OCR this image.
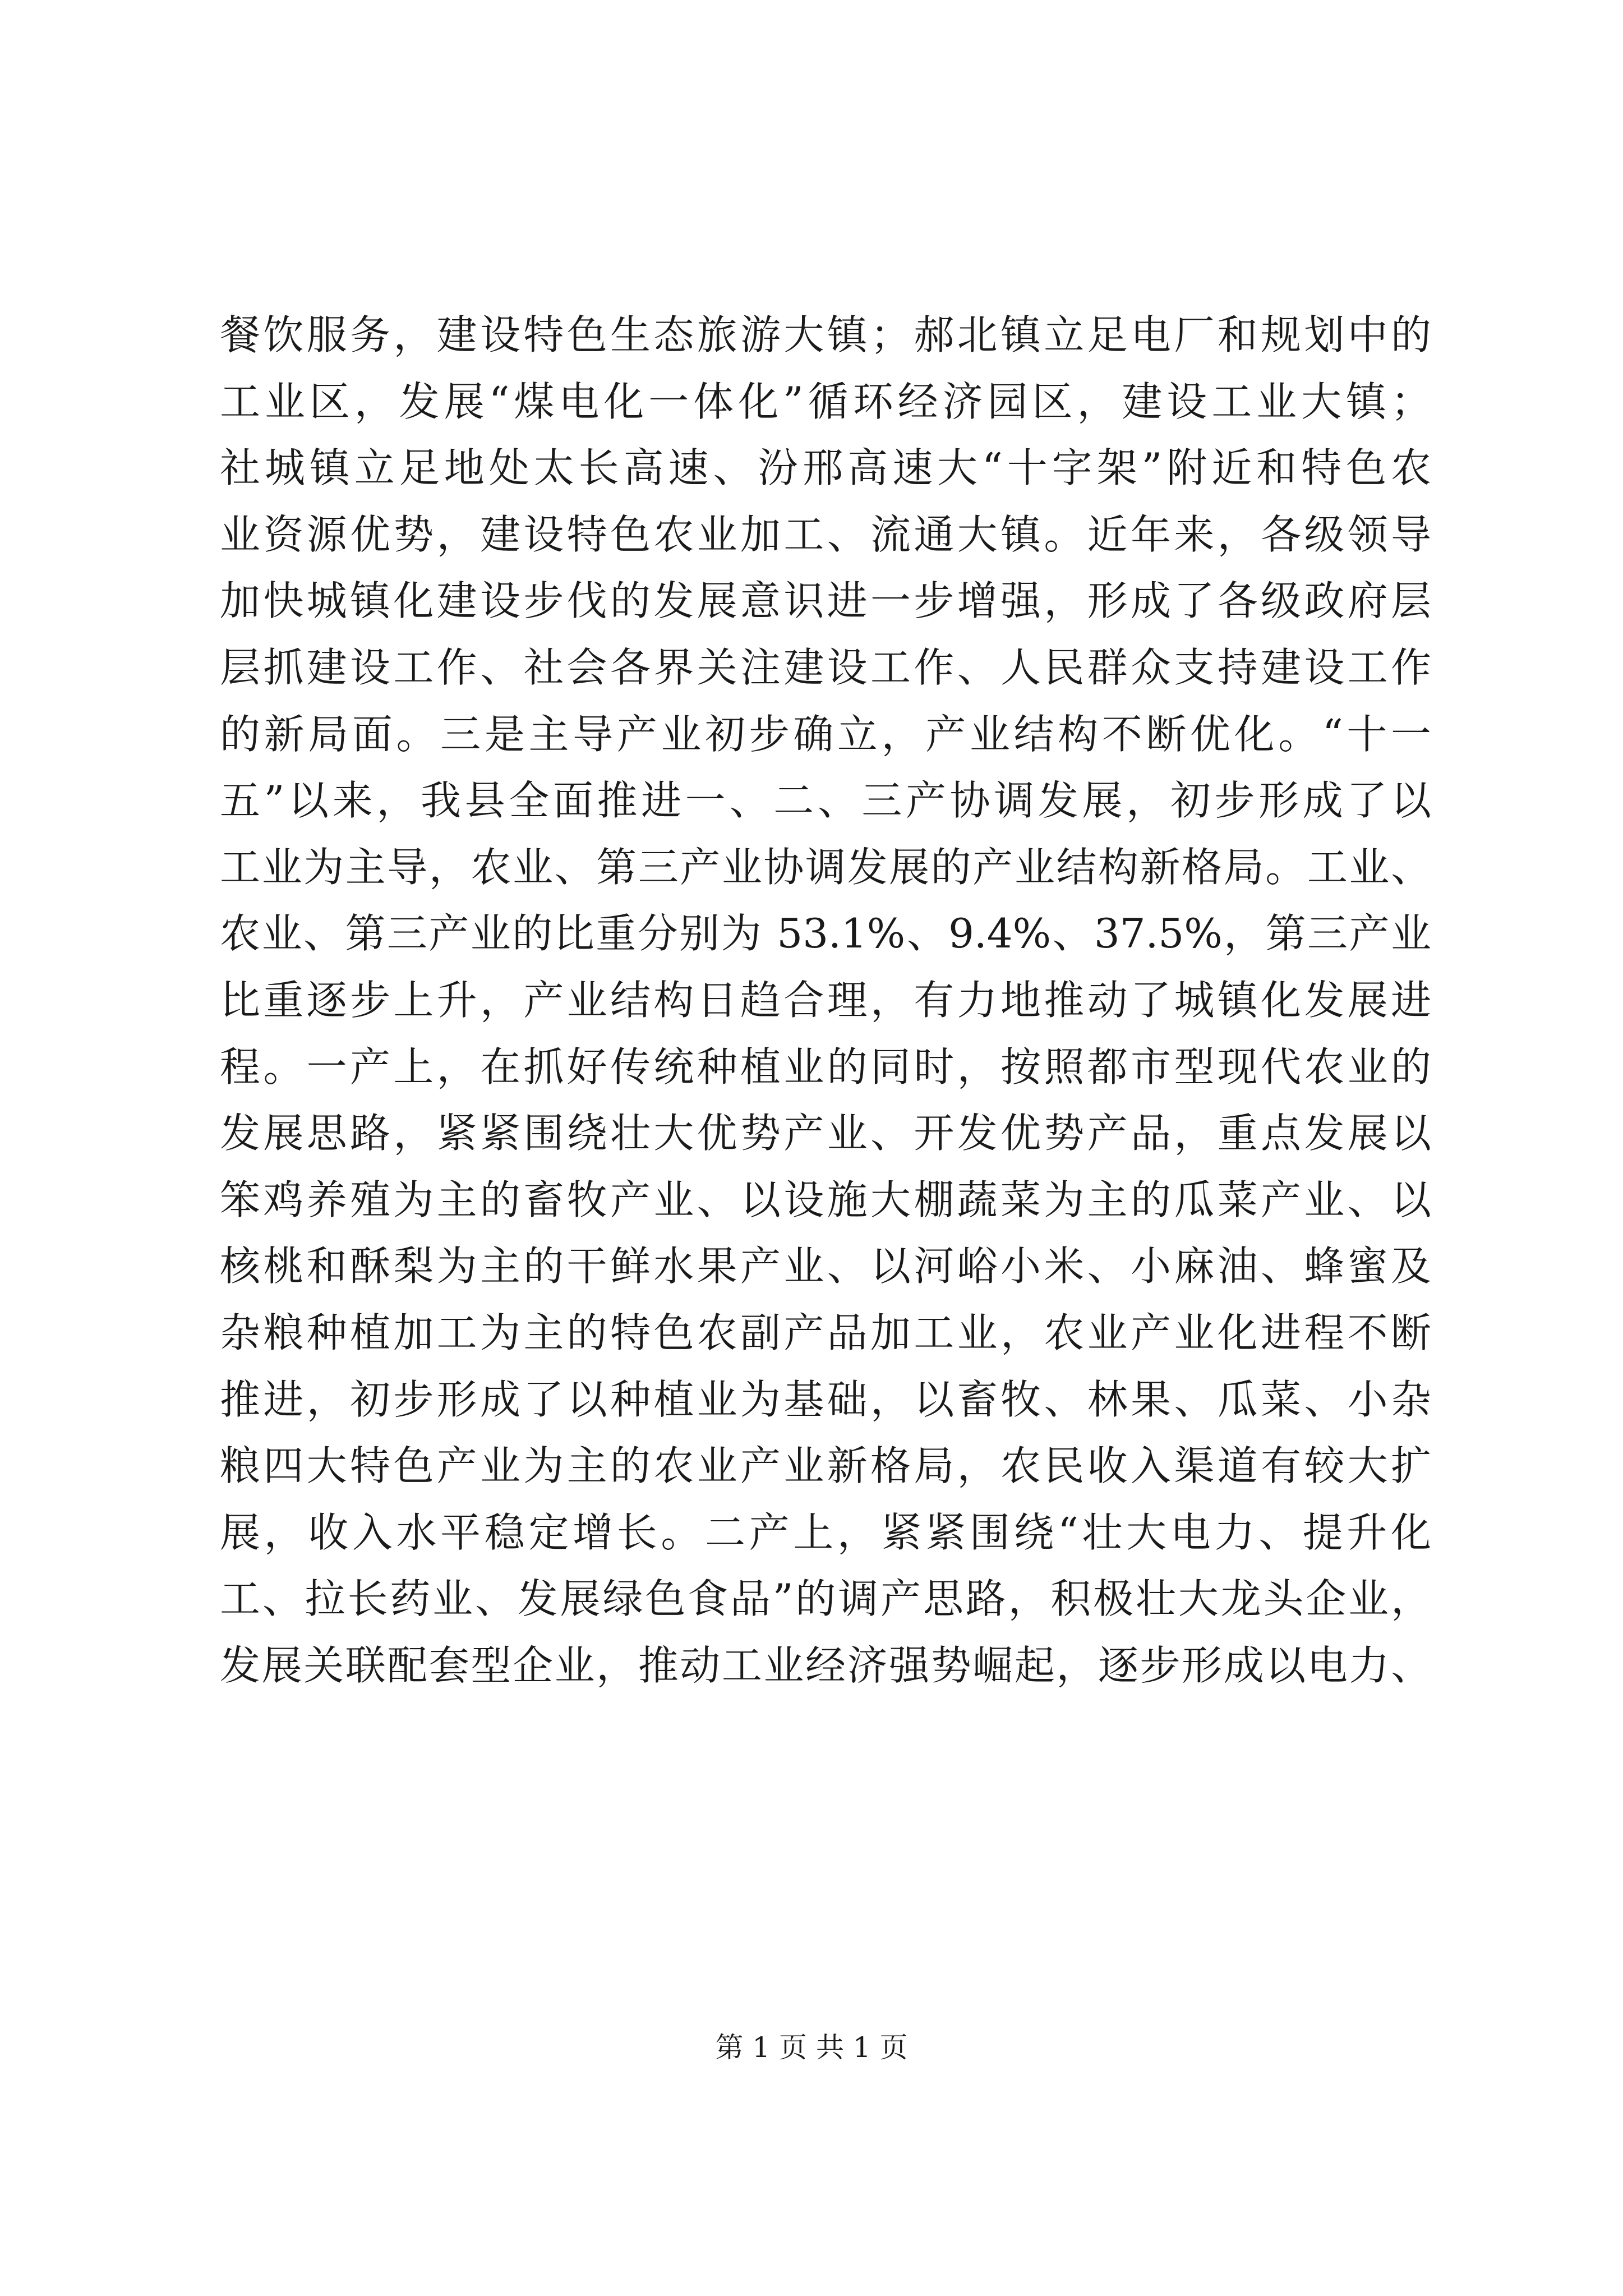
餐饮服务，建设特色生态旅游大镇；郝北镇立足电厂和规划中的
工业区，发展“煤电化一体化”循环经济园区，建设工业大镇；
社城镇立足地处太长高速、汾邢高速大“十字架”附近和特色农
业资源优势，建设特色农业加工、流通大镇。近年来，各级领导
加快城镇化建设步伐的发展意识进一步增强，形成了各级政府层
层抓建设工作、社会各界关注建设工作、人民群众支持建设工作
的新局面。三是主导产业初步确立，产业结构不断优化。“十一
五”以来，我县全面推进一、二、三产协调发展，初步形成了以
工业为主导，农业、第三产业协调发展的产业结构新格局。工业、
农业、第三产业的比重分别为 53.1%、9.4%、37.5%，第三产业
比重逐步上升，产业结构日趋合理，有力地推动了城镇化发展进
程。一产上，在抓好传统种植业的同时，按照都市型现代农业的
发展思路，紧紧围绕壮大优势产业、开发优势产品，重点发展以
笨鸡养殖为主的畜牧产业、以设施大棚蔬菜为主的瓜菜产业、以
核桃和酥梨为主的干鲜水果产业、以河峪小米、小麻油、蜂蜜及
杂粮种植加工为主的特色农副产品加工业，农业产业化进程不断
推进，初步形成了以种植业为基础，以畜牧、林果、瓜菜、小杂
粮四大特色产业为主的农业产业新格局，农民收入渠道有较大扩
展，收入水平稳定增长。二产上，紧紧围绕“壮大电力、提升化
工、拉长药业、发展绿色食品”的调产思路，积极壮大龙头企业，
发展关联配套型企业，推动工业经济强势崛起，逐步形成以电力、
第 1 页 共 1 页
